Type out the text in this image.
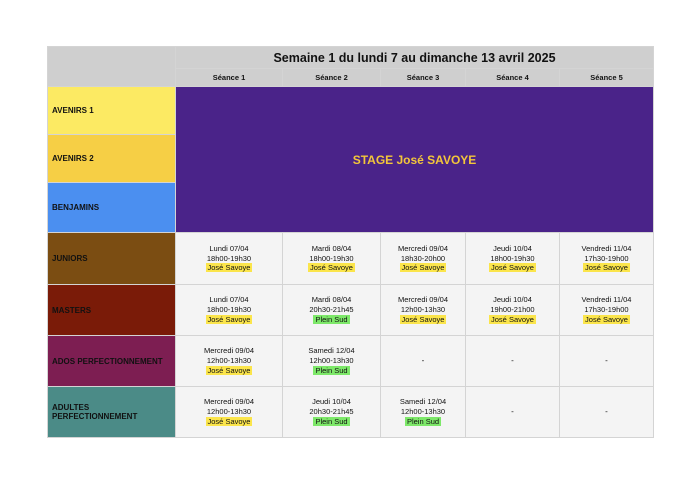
	Semaine 1 du lundi 7 au dimanche 13 avril 2025				
	Séance 1	Séance 2	Séance 3	Séance 4	Séance 5
AVENIRS 1	STAGE José SAVOYE				
AVENIRS 2					
BENJAMINS					
JUNIORS	Lundi 07/04
18h00-19h30
José Savoye	Mardi 08/04
18h00-19h30
José Savoye	Mercredi 09/04
18h30-20h00
José Savoye	Jeudi 10/04
18h00-19h30
José Savoye	Vendredi 11/04
17h30-19h00
José Savoye

MASTERS	Lundi 07/04
18h00-19h30
José Savoye	Mardi 08/04
20h30-21h45
Plein Sud	Mercredi 09/04
12h00-13h30
José Savoye	Jeudi 10/04
19h00-21h00
José Savoye	Vendredi 11/04
17h30-19h00
José Savoye

ADOS PERFECTIONNEMENT	Mercredi 09/04
12h00-13h30
José Savoye	Samedi 12/04
12h00-13h30
Plein Sud	-	-	-
ADULTES PERFECTIONNEMENT	Mercredi 09/04
12h00-13h30
José Savoye	Jeudi 10/04
20h30-21h45
Plein Sud	Samedi 12/04
12h00-13h30
Plein Sud	-	-
